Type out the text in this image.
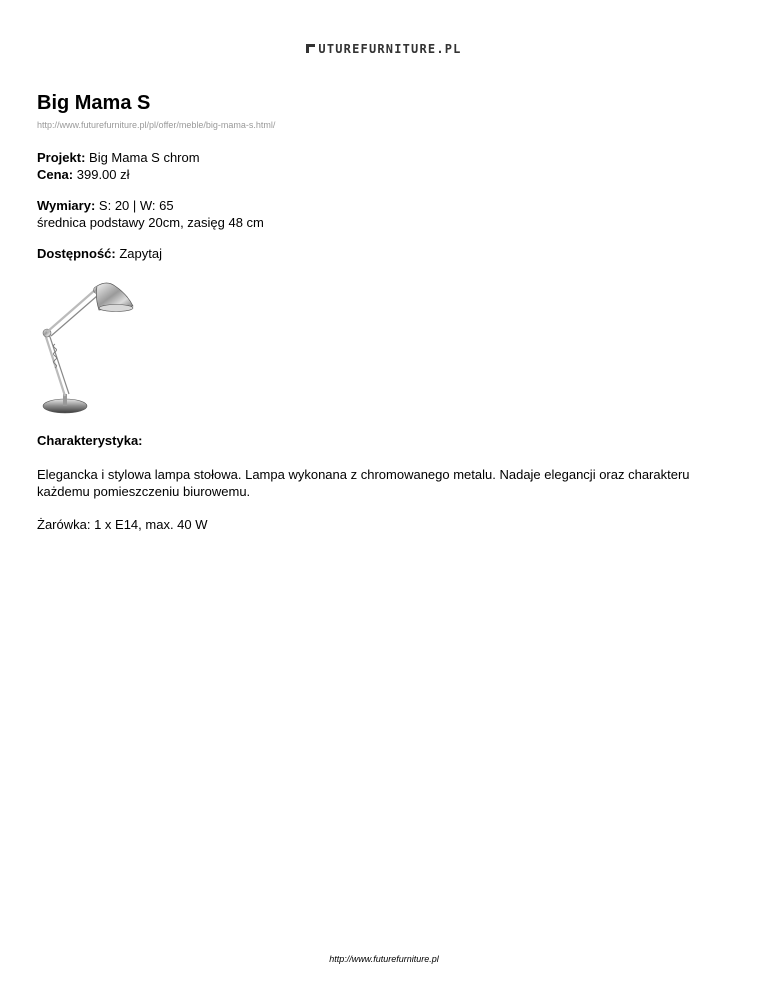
UTUREFURNITURE.PL
Big Mama S
http://www.futurefurniture.pl/pl/offer/meble/big-mama-s.html/
Projekt: Big Mama S chrom
Cena: 399.00 zł
Wymiary: S: 20 | W: 65
średnica podstawy 20cm, zasięg 48 cm
Dostępność: Zapytaj
Charakterystyka:
Elegancka i stylowa lampa stołowa. Lampa wykonana z chromowanego metalu. Nadaje elegancji oraz charakteru każdemu pomieszczeniu biurowemu.
Żarówka: 1 x E14, max. 40 W
http://www.futurefurniture.pl
